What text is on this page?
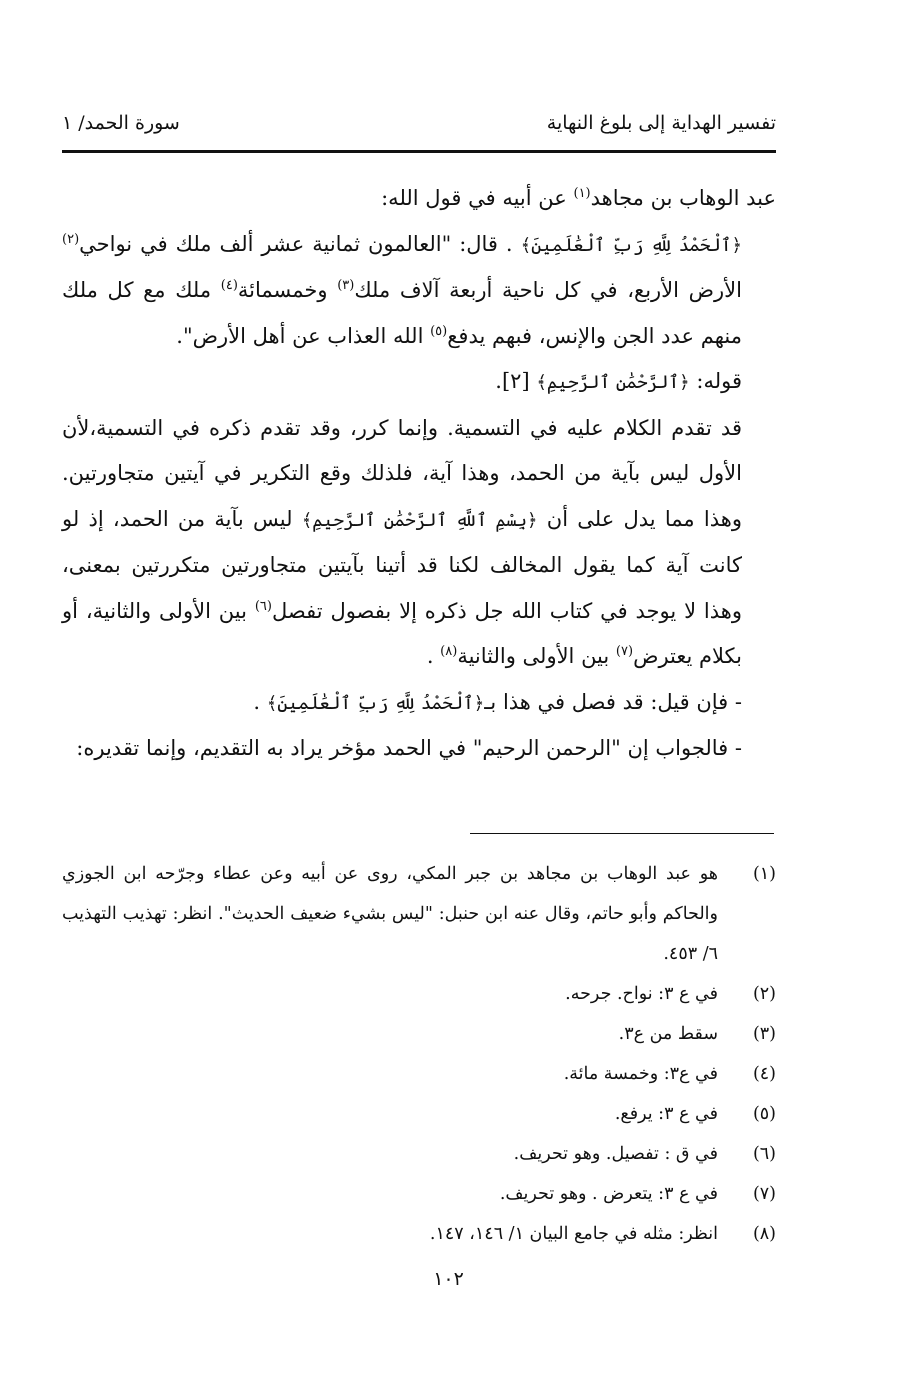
تفسير الهداية إلى بلوغ النهاية
سورة الحمد/ ١

عبد الوهاب بن مجاهد$^{(١)}$ عن أبيه في قول الله:

﴿ٱلْحَمْدُ لِلَّهِ رَبِّ ٱلْعَٰلَمِينَ﴾ . قال: "العالمون ثمانية عشر ألف ملك في نواحي$^{(٢)}$ الأرض الأربع، في كل ناحية أربعة آلاف ملك$^{(٣)}$ وخمسمائة$^{(٤)}$ ملك مع كل ملك منهم عدد الجن والإنس، فبهم يدفع$^{(٥)}$ الله العذاب عن أهل الأرض".

قوله: ﴿ٱلرَّحْمَٰنِ ٱلرَّحِيمِ﴾ [٢].

قد تقدم الكلام عليه في التسمية. وإنما كرر، وقد تقدم ذكره في التسمية،لأن الأول ليس بآية من الحمد، وهذا آية، فلذلك وقع التكرير في آيتين متجاورتين. وهذا مما يدل على أن ﴿بِسْمِ ٱللَّهِ ٱلرَّحْمَٰنِ ٱلرَّحِيمِ﴾ ليس بآية من الحمد، إذ لو كانت آية كما يقول المخالف لكنا قد أتينا بآيتين متجاورتين متكررتين بمعنى، وهذا لا يوجد في كتاب الله جل ذكره إلا بفصول تفصل$^{(٦)}$ بين الأولى والثانية، أو بكلام يعترض$^{(٧)}$ بين الأولى والثانية$^{(٨)}$ .

- فإن قيل: قد فصل في هذا بـ﴿ٱلْحَمْدُ لِلَّهِ رَبِّ ٱلْعَٰلَمِينَ﴾ .

- فالجواب إن "الرحمن الرحيم" في الحمد مؤخر يراد به التقديم، وإنما تقديره:

(١)
هو عبد الوهاب بن مجاهد بن جبر المكي، روى عن أبيه وعن عطاء وجرّحه ابن الجوزي والحاكم وأبو حاتم، وقال عنه ابن حنبل: "ليس بشيء ضعيف الحديث". انظر: تهذيب التهذيب ٦/ ٤٥٣.
(٢)
في ع ٣: نواح. جرحه.
(٣)
سقط من ع٣.
(٤)
في ع٣: وخمسة مائة.
(٥)
في ع ٣: يرفع.
(٦)
في ق : تفصيل. وهو تحريف.
(٧)
في ع ٣: يتعرض . وهو تحريف.
(٨)
انظر: مثله في جامع البيان ١/ ١٤٦، ١٤٧.
١٠٢
